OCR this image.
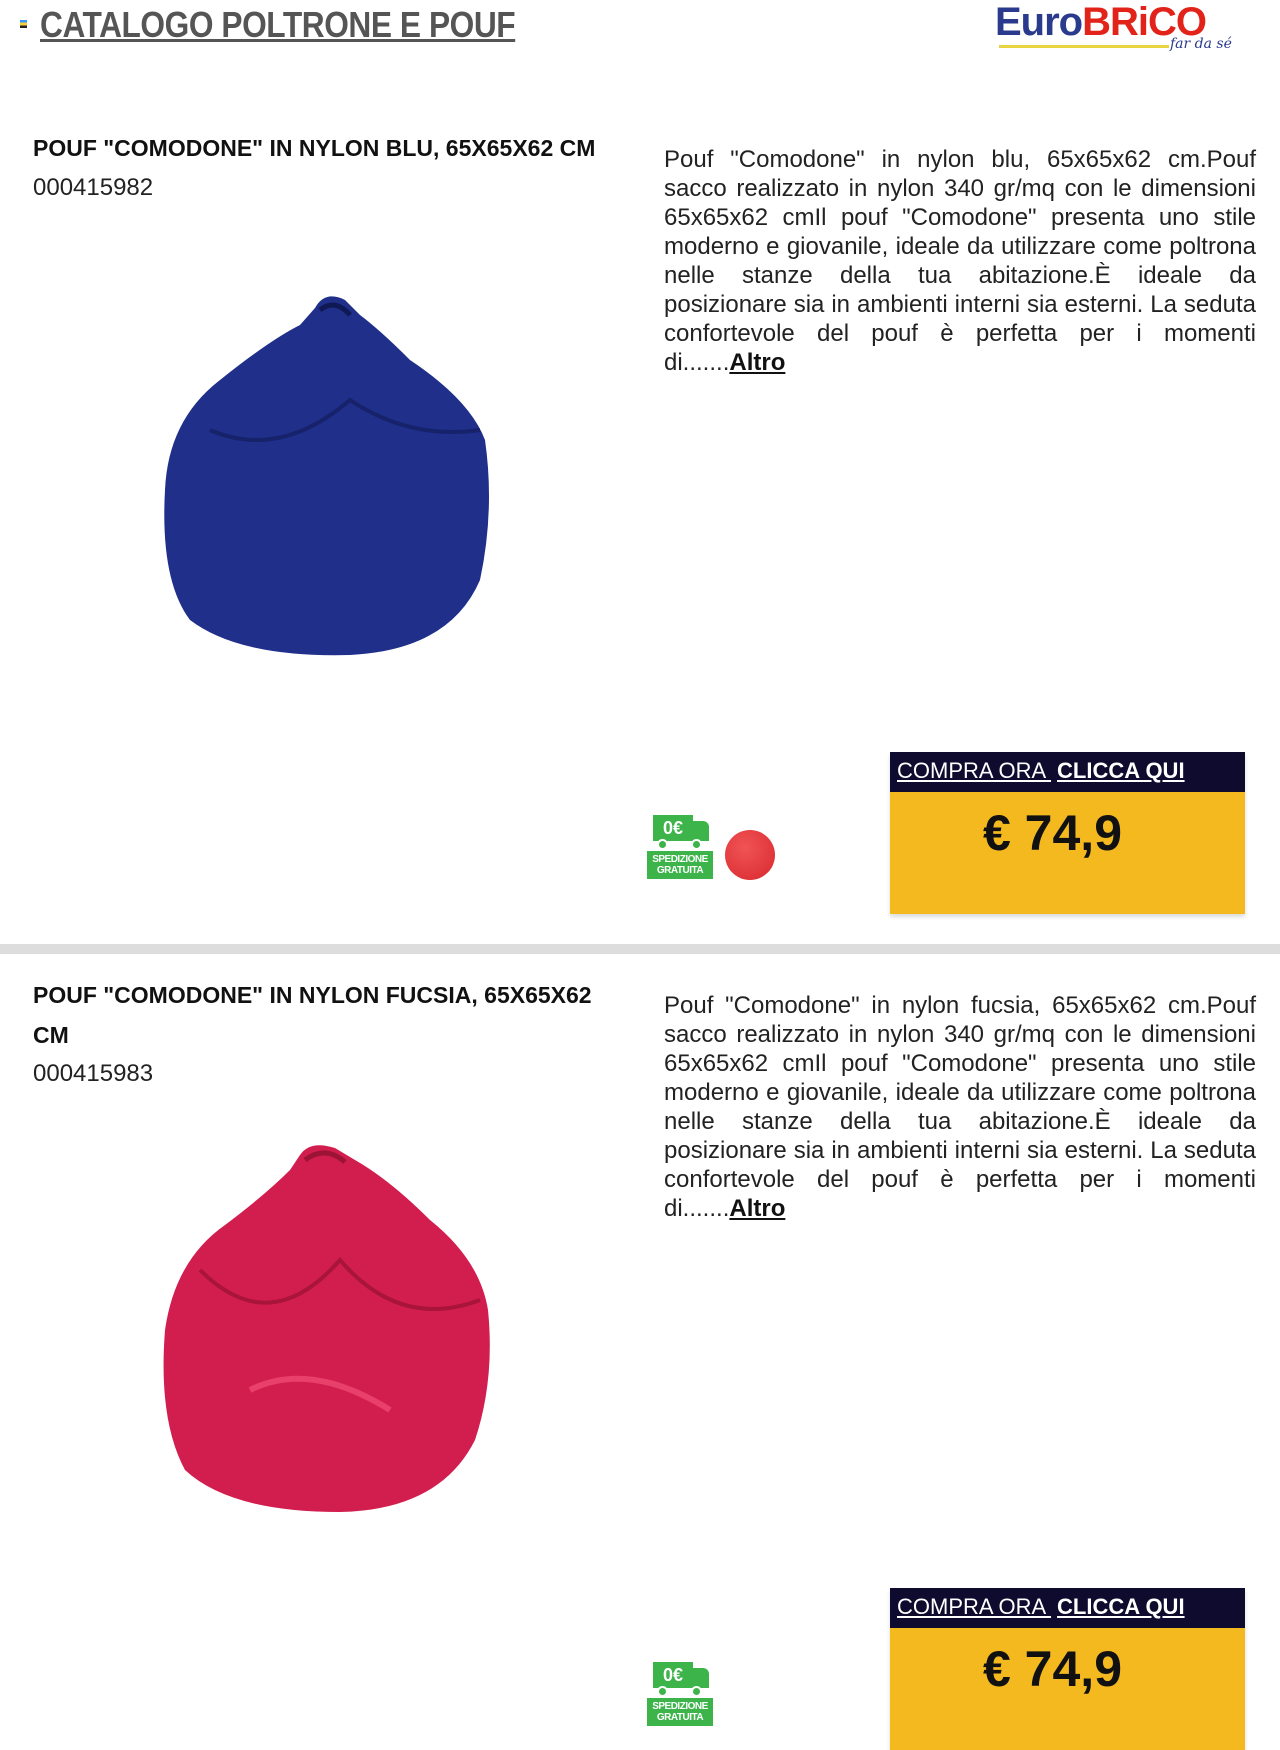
CATALOGO POLTRONE E POUF	EuroBRiCO
far da sé
POUF "COMODONE" IN NYLON BLU, 65X65X62 CM
000415982
Pouf "Comodone" in nylon blu, 65x65x62 cm.Pouf sacco realizzato in nylon 340 gr/mq con le dimensioni 65x65x62 cmIl pouf "Comodone" presenta uno stile moderno e giovanile, ideale da utilizzare come poltrona nelle stanze della tua abitazione.È ideale da posizionare sia in ambienti interni sia esterni. La seduta confortevole del pouf è perfetta per i momenti di.......Altro
0€
SPEDIZIONE GRATUITA
COMPRA ORA CLICCA QUI
€ 74,9
POUF "COMODONE" IN NYLON FUCSIA, 65X65X62 CM
000415983
Pouf "Comodone" in nylon fucsia, 65x65x62 cm.Pouf sacco realizzato in nylon 340 gr/mq con le dimensioni 65x65x62 cmIl pouf "Comodone" presenta uno stile moderno e giovanile, ideale da utilizzare come poltrona nelle stanze della tua abitazione.È ideale da posizionare sia in ambienti interni sia esterni. La seduta confortevole del pouf è perfetta per i momenti di.......Altro
0€
SPEDIZIONE GRATUITA
COMPRA ORA CLICCA QUI
€ 74,9
